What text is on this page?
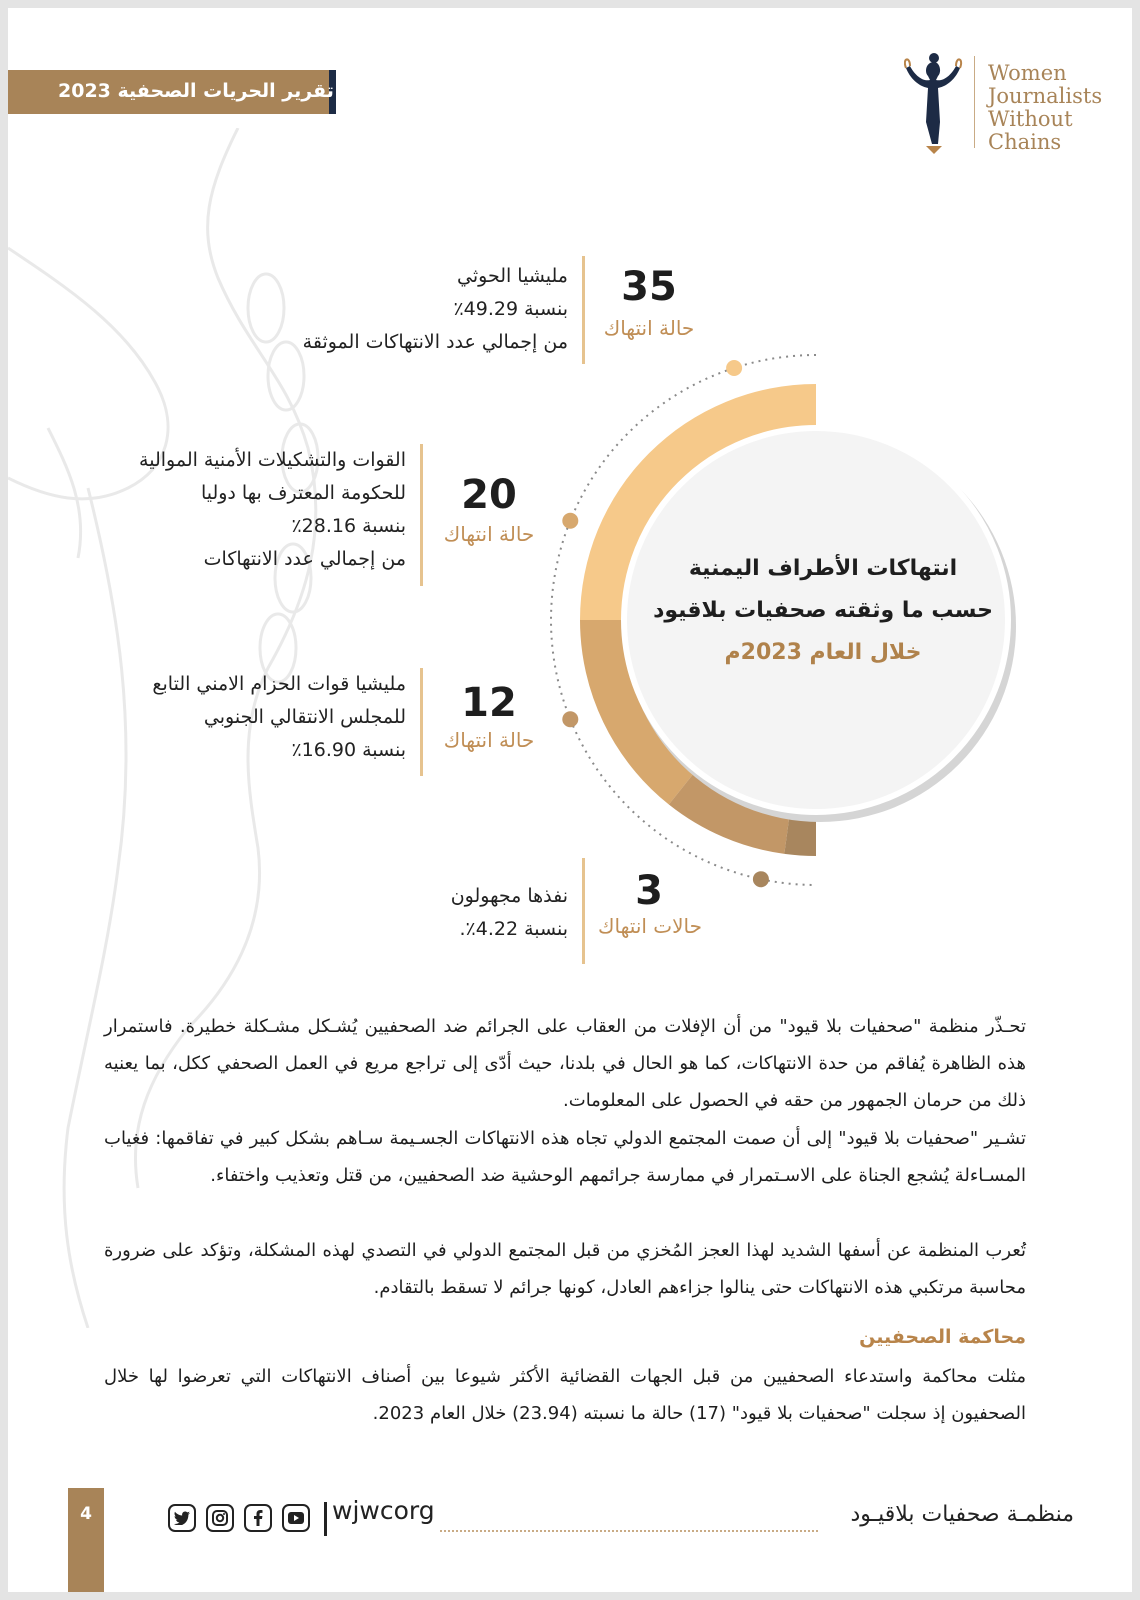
تقرير الحريات الصحفية 2023
Women
Journalists
Without
Chains
انتهاكات الأطراف اليمنية
حسب ما وثقته صحفيات بلاقيود
خلال العام 2023م
35
حالة انتهاك
مليشيا الحوثي
بنسبة 49.29٪
من إجمالي عدد الانتهاكات الموثقة
20
حالة انتهاك
القوات والتشكيلات الأمنية الموالية
للحكومة المعترف بها دوليا
بنسبة 28.16٪
من إجمالي عدد الانتهاكات
12
حالة انتهاك
مليشيا قوات الحزام الامني التابع
للمجلس الانتقالي الجنوبي
بنسبة 16.90٪
3
حالات انتهاك
نفذها مجهولون
بنسبة 4.22٪.
تحـذّر منظمة "صحفيات بلا قيود" من أن الإفلات من العقاب على الجرائم ضد الصحفيين يُشـكل مشـكلة خطيرة. فاستمرار هذه الظاهرة يُفاقم من حدة الانتهاكات، كما هو الحال في بلدنا، حيث أدّى إلى تراجع مريع في العمل الصحفي ككل، بما يعنيه ذلك من حرمان الجمهور من حقه في الحصول على المعلومات.
تشـير "صحفيات بلا قيود" إلى أن صمت المجتمع الدولي تجاه هذه الانتهاكات الجسـيمة سـاهم بشكل كبير في تفاقمها: فغياب المسـاءلة يُشجع الجناة على الاسـتمرار في ممارسة جرائمهم الوحشية ضد الصحفيين، من قتل وتعذيب واختفاء.
تُعرب المنظمة عن أسفها الشديد لهذا العجز المُخزي من قبل المجتمع الدولي في التصدي لهذه المشكلة، وتؤكد على ضرورة محاسبة مرتكبي هذه الانتهاكات حتى ينالوا جزاءهم العادل، كونها جرائم لا تسقط بالتقادم.
محاكمة الصحفيين
مثلت محاكمة واستدعاء الصحفيين من قبل الجهات القضائية الأكثر شيوعا بين أصناف الانتهاكات التي تعرضوا لها خلال الصحفيون إذ سجلت "صحفيات بلا قيود" (17) حالة ما نسبته (23.94) خلال العام 2023.
4	wjwcorg	منظمـة صحفيات بلاقيـود
